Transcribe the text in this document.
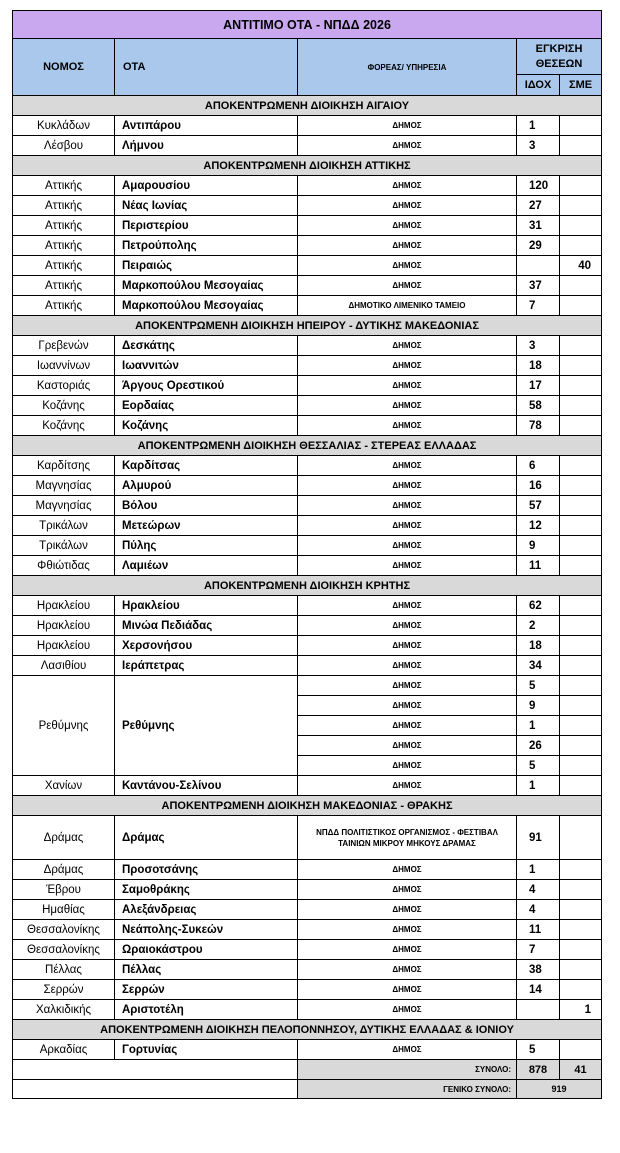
ΑΝΤΙΤΙΜΟ ΟΤΑ - ΝΠΔΔ 2026				
ΝΟΜΟΣ	ΟΤΑ	ΦΟΡΕΑΣ/ ΥΠΗΡΕΣΙΑ	ΕΓΚΡΙΣΗ ΘΕΣΕΩΝ	
			ΙΔΟΧ	ΣΜΕ
ΑΠΟΚΕΝΤΡΩΜΕΝΗ ΔΙΟΙΚΗΣΗ ΑΙΓΑΙΟΥ				
Κυκλάδων	Αντιπάρου	ΔΗΜΟΣ	1	
Λέσβου	Λήμνου	ΔΗΜΟΣ	3	
ΑΠΟΚΕΝΤΡΩΜΕΝΗ ΔΙΟΙΚΗΣΗ ΑΤΤΙΚΗΣ				
Αττικής	Αμαρουσίου	ΔΗΜΟΣ	120	
Αττικής	Νέας Ιωνίας	ΔΗΜΟΣ	27	
Αττικής	Περιστερίου	ΔΗΜΟΣ	31	
Αττικής	Πετρούπολης	ΔΗΜΟΣ	29	
Αττικής	Πειραιώς	ΔΗΜΟΣ		40
Αττικής	Μαρκοπούλου Μεσογαίας	ΔΗΜΟΣ	37	
Αττικής	Μαρκοπούλου Μεσογαίας	ΔΗΜΟΤΙΚΟ ΛΙΜΕΝΙΚΟ ΤΑΜΕΙΟ	7	
ΑΠΟΚΕΝΤΡΩΜΕΝΗ ΔΙΟΙΚΗΣΗ ΗΠΕΙΡΟΥ - ΔΥΤΙΚΗΣ ΜΑΚΕΔΟΝΙΑΣ				
Γρεβενών	Δεσκάτης	ΔΗΜΟΣ	3	
Ιωαννίνων	Ιωαννιτών	ΔΗΜΟΣ	18	
Καστοριάς	Άργους Ορεστικού	ΔΗΜΟΣ	17	
Κοζάνης	Εορδαίας	ΔΗΜΟΣ	58	
Κοζάνης	Κοζάνης	ΔΗΜΟΣ	78	
ΑΠΟΚΕΝΤΡΩΜΕΝΗ ΔΙΟΙΚΗΣΗ ΘΕΣΣΑΛΙΑΣ - ΣΤΕΡΕΑΣ ΕΛΛΑΔΑΣ				
Καρδίτσης	Καρδίτσας	ΔΗΜΟΣ	6	
Μαγνησίας	Αλμυρού	ΔΗΜΟΣ	16	
Μαγνησίας	Βόλου	ΔΗΜΟΣ	57	
Τρικάλων	Μετεώρων	ΔΗΜΟΣ	12	
Τρικάλων	Πύλης	ΔΗΜΟΣ	9	
Φθιώτιδας	Λαμιέων	ΔΗΜΟΣ	11	
ΑΠΟΚΕΝΤΡΩΜΕΝΗ ΔΙΟΙΚΗΣΗ ΚΡΗΤΗΣ				
Ηρακλείου	Ηρακλείου	ΔΗΜΟΣ	62	
Ηρακλείου	Μινώα Πεδιάδας	ΔΗΜΟΣ	2	
Ηρακλείου	Χερσονήσου	ΔΗΜΟΣ	18	
Λασιθίου	Ιεράπετρας	ΔΗΜΟΣ	34	
Ρεθύμνης	Ρεθύμνης	ΔΗΜΟΣ	5	
		ΔΗΜΟΣ	9	
		ΔΗΜΟΣ	1	
		ΔΗΜΟΣ	26	
		ΔΗΜΟΣ	5	
Χανίων	Καντάνου-Σελίνου	ΔΗΜΟΣ	1	
ΑΠΟΚΕΝΤΡΩΜΕΝΗ ΔΙΟΙΚΗΣΗ ΜΑΚΕΔΟΝΙΑΣ - ΘΡΑΚΗΣ				
Δράμας	Δράμας	ΝΠΔΔ ΠΟΛΙΤΙΣΤΙΚΟΣ ΟΡΓΑΝΙΣΜΟΣ - ΦΕΣΤΙΒΑΛ ΤΑΙΝΙΩΝ ΜΙΚΡΟΥ ΜΗΚΟΥΣ ΔΡΑΜΑΣ	91	
Δράμας	Προσοτσάνης	ΔΗΜΟΣ	1	
Έβρου	Σαμοθράκης	ΔΗΜΟΣ	4	
Ημαθίας	Αλεξάνδρειας	ΔΗΜΟΣ	4	
Θεσσαλονίκης	Νεάπολης-Συκεών	ΔΗΜΟΣ	11	
Θεσσαλονίκης	Ωραιοκάστρου	ΔΗΜΟΣ	7	
Πέλλας	Πέλλας	ΔΗΜΟΣ	38	
Σερρών	Σερρών	ΔΗΜΟΣ	14	
Χαλκιδικής	Αριστοτέλη	ΔΗΜΟΣ		1
ΑΠΟΚΕΝΤΡΩΜΕΝΗ ΔΙΟΙΚΗΣΗ ΠΕΛΟΠΟΝΝΗΣΟΥ, ΔΥΤΙΚΗΣ ΕΛΛΑΔΑΣ & ΙΟΝΙΟΥ				
Αρκαδίας	Γορτυνίας	ΔΗΜΟΣ	5	
		ΣΥΝΟΛΟ:	878	41
		ΓΕΝΙΚΟ ΣΥΝΟΛΟ:	919	
